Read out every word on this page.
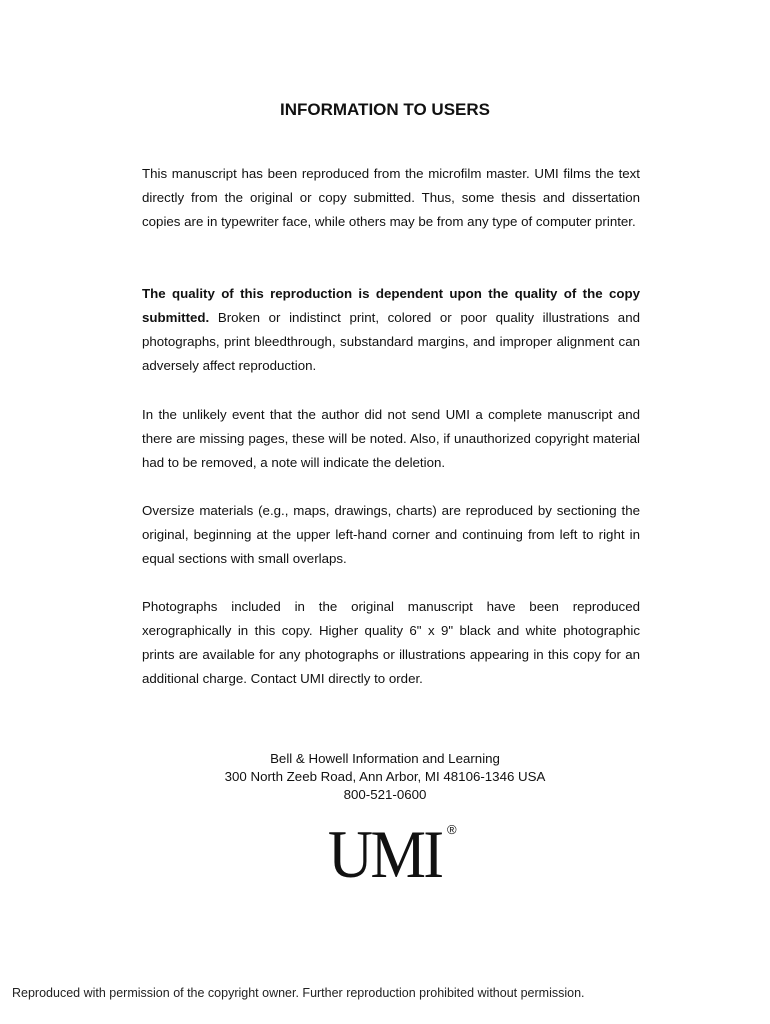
INFORMATION TO USERS
This manuscript has been reproduced from the microfilm master. UMI films the text directly from the original or copy submitted. Thus, some thesis and dissertation copies are in typewriter face, while others may be from any type of computer printer.
The quality of this reproduction is dependent upon the quality of the copy submitted. Broken or indistinct print, colored or poor quality illustrations and photographs, print bleedthrough, substandard margins, and improper alignment can adversely affect reproduction.
In the unlikely event that the author did not send UMI a complete manuscript and there are missing pages, these will be noted. Also, if unauthorized copyright material had to be removed, a note will indicate the deletion.
Oversize materials (e.g., maps, drawings, charts) are reproduced by sectioning the original, beginning at the upper left-hand corner and continuing from left to right in equal sections with small overlaps.
Photographs included in the original manuscript have been reproduced xerographically in this copy. Higher quality 6" x 9" black and white photographic prints are available for any photographs or illustrations appearing in this copy for an additional charge. Contact UMI directly to order.
Bell & Howell Information and Learning
300 North Zeeb Road, Ann Arbor, MI 48106-1346 USA
800-521-0600
UMI ®
Reproduced with permission of the copyright owner. Further reproduction prohibited without permission.
